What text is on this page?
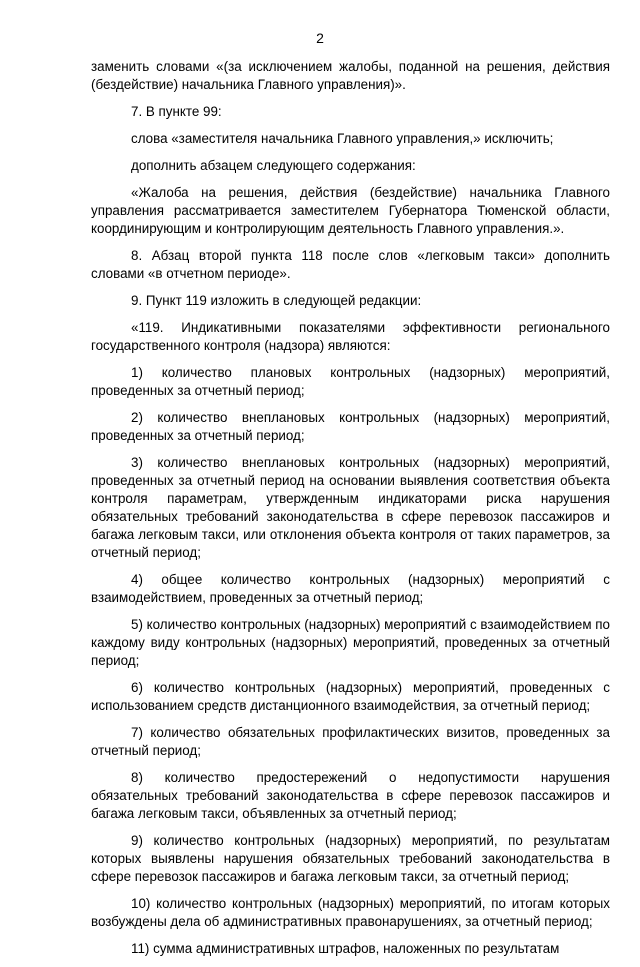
2

заменить словами «(за исключением жалобы, поданной на решения, действия (бездействие) начальника Главного управления)».

7. В пункте 99:

слова «заместителя начальника Главного управления,» исключить;

дополнить абзацем следующего содержания:

«Жалоба на решения, действия (бездействие) начальника Главного управления рассматривается заместителем Губернатора Тюменской области, координирующим и контролирующим деятельность Главного управления.».

8. Абзац второй пункта 118 после слов «легковым такси» дополнить словами «в отчетном периоде».

9. Пункт 119 изложить в следующей редакции:

«119. Индикативными показателями эффективности регионального государственного контроля (надзора) являются:

1) количество плановых контрольных (надзорных) мероприятий, проведенных за отчетный период;

2) количество внеплановых контрольных (надзорных) мероприятий, проведенных за отчетный период;

3) количество внеплановых контрольных (надзорных) мероприятий, проведенных за отчетный период на основании выявления соответствия объекта контроля параметрам, утвержденным индикаторами риска нарушения обязательных требований законодательства в сфере перевозок пассажиров и багажа легковым такси, или отклонения объекта контроля от таких параметров, за отчетный период;

4) общее количество контрольных (надзорных) мероприятий с взаимодействием, проведенных за отчетный период;

5) количество контрольных (надзорных) мероприятий с взаимодействием по каждому виду контрольных (надзорных) мероприятий, проведенных за отчетный период;

6) количество контрольных (надзорных) мероприятий, проведенных с использованием средств дистанционного взаимодействия, за отчетный период;

7) количество обязательных профилактических визитов, проведенных за отчетный период;

8) количество предостережений о недопустимости нарушения обязательных требований законодательства в сфере перевозок пассажиров и багажа легковым такси, объявленных за отчетный период;

9) количество контрольных (надзорных) мероприятий, по результатам которых выявлены нарушения обязательных требований законодательства в сфере перевозок пассажиров и багажа легковым такси, за отчетный период;

10) количество контрольных (надзорных) мероприятий, по итогам которых возбуждены дела об административных правонарушениях, за отчетный период;

11) сумма административных штрафов, наложенных по результатам
